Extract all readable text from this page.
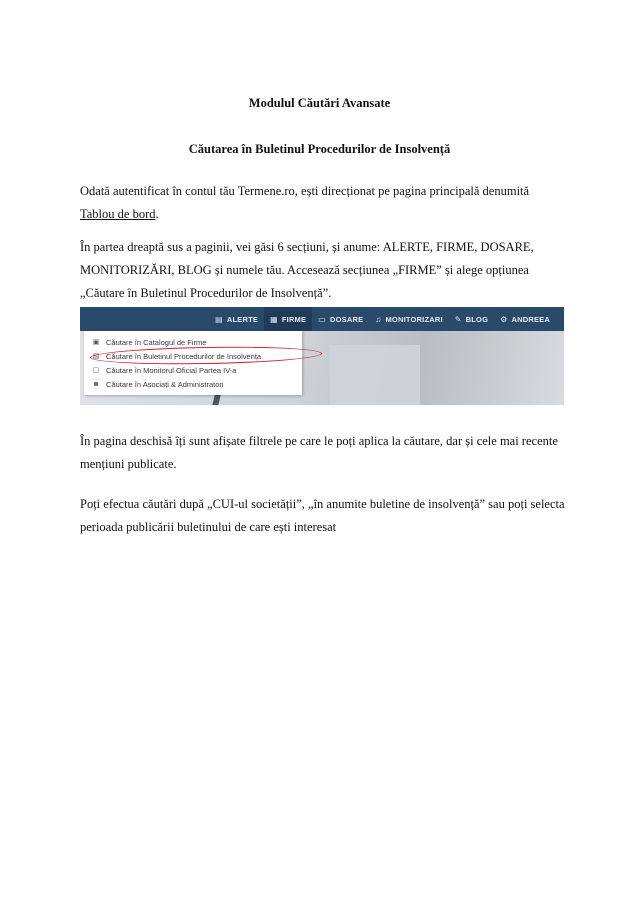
Modulul Căutări Avansate
Căutarea în Buletinul Procedurilor de Insolvență

Odată autentificat în contul tău Termene.ro, ești direcționat pe pagina principală denumită Tablou de bord.

În partea dreaptă sus a paginii, vei găsi 6 secțiuni, și anume: ALERTE, FIRME, DOSARE, MONITORIZĂRI, BLOG și numele tău. Accesează secțiunea „FIRME” și alege opțiunea „Căutare în Buletinul Procedurilor de Insolvență”.

▤ ALERTE ▦ FIRME ▭ DOSARE ♫ MONITORIZARI ✎ BLOG ⚙ ANDREEA
▣ Căutare în Catalogul de Firme
▤ Căutare în Buletinul Procedurilor de Insolvența
▢ Căutare în Monitorul Oficial Partea IV-a
☻ Căutare în Asociați & Administratori

În pagina deschisă îți sunt afișate filtrele pe care le poți aplica la căutare, dar și cele mai recente mențiuni publicate.

Poți efectua căutări după „CUI-ul societății”, „în anumite buletine de insolvență” sau poți selecta perioada publicării buletinului de care ești interesat
